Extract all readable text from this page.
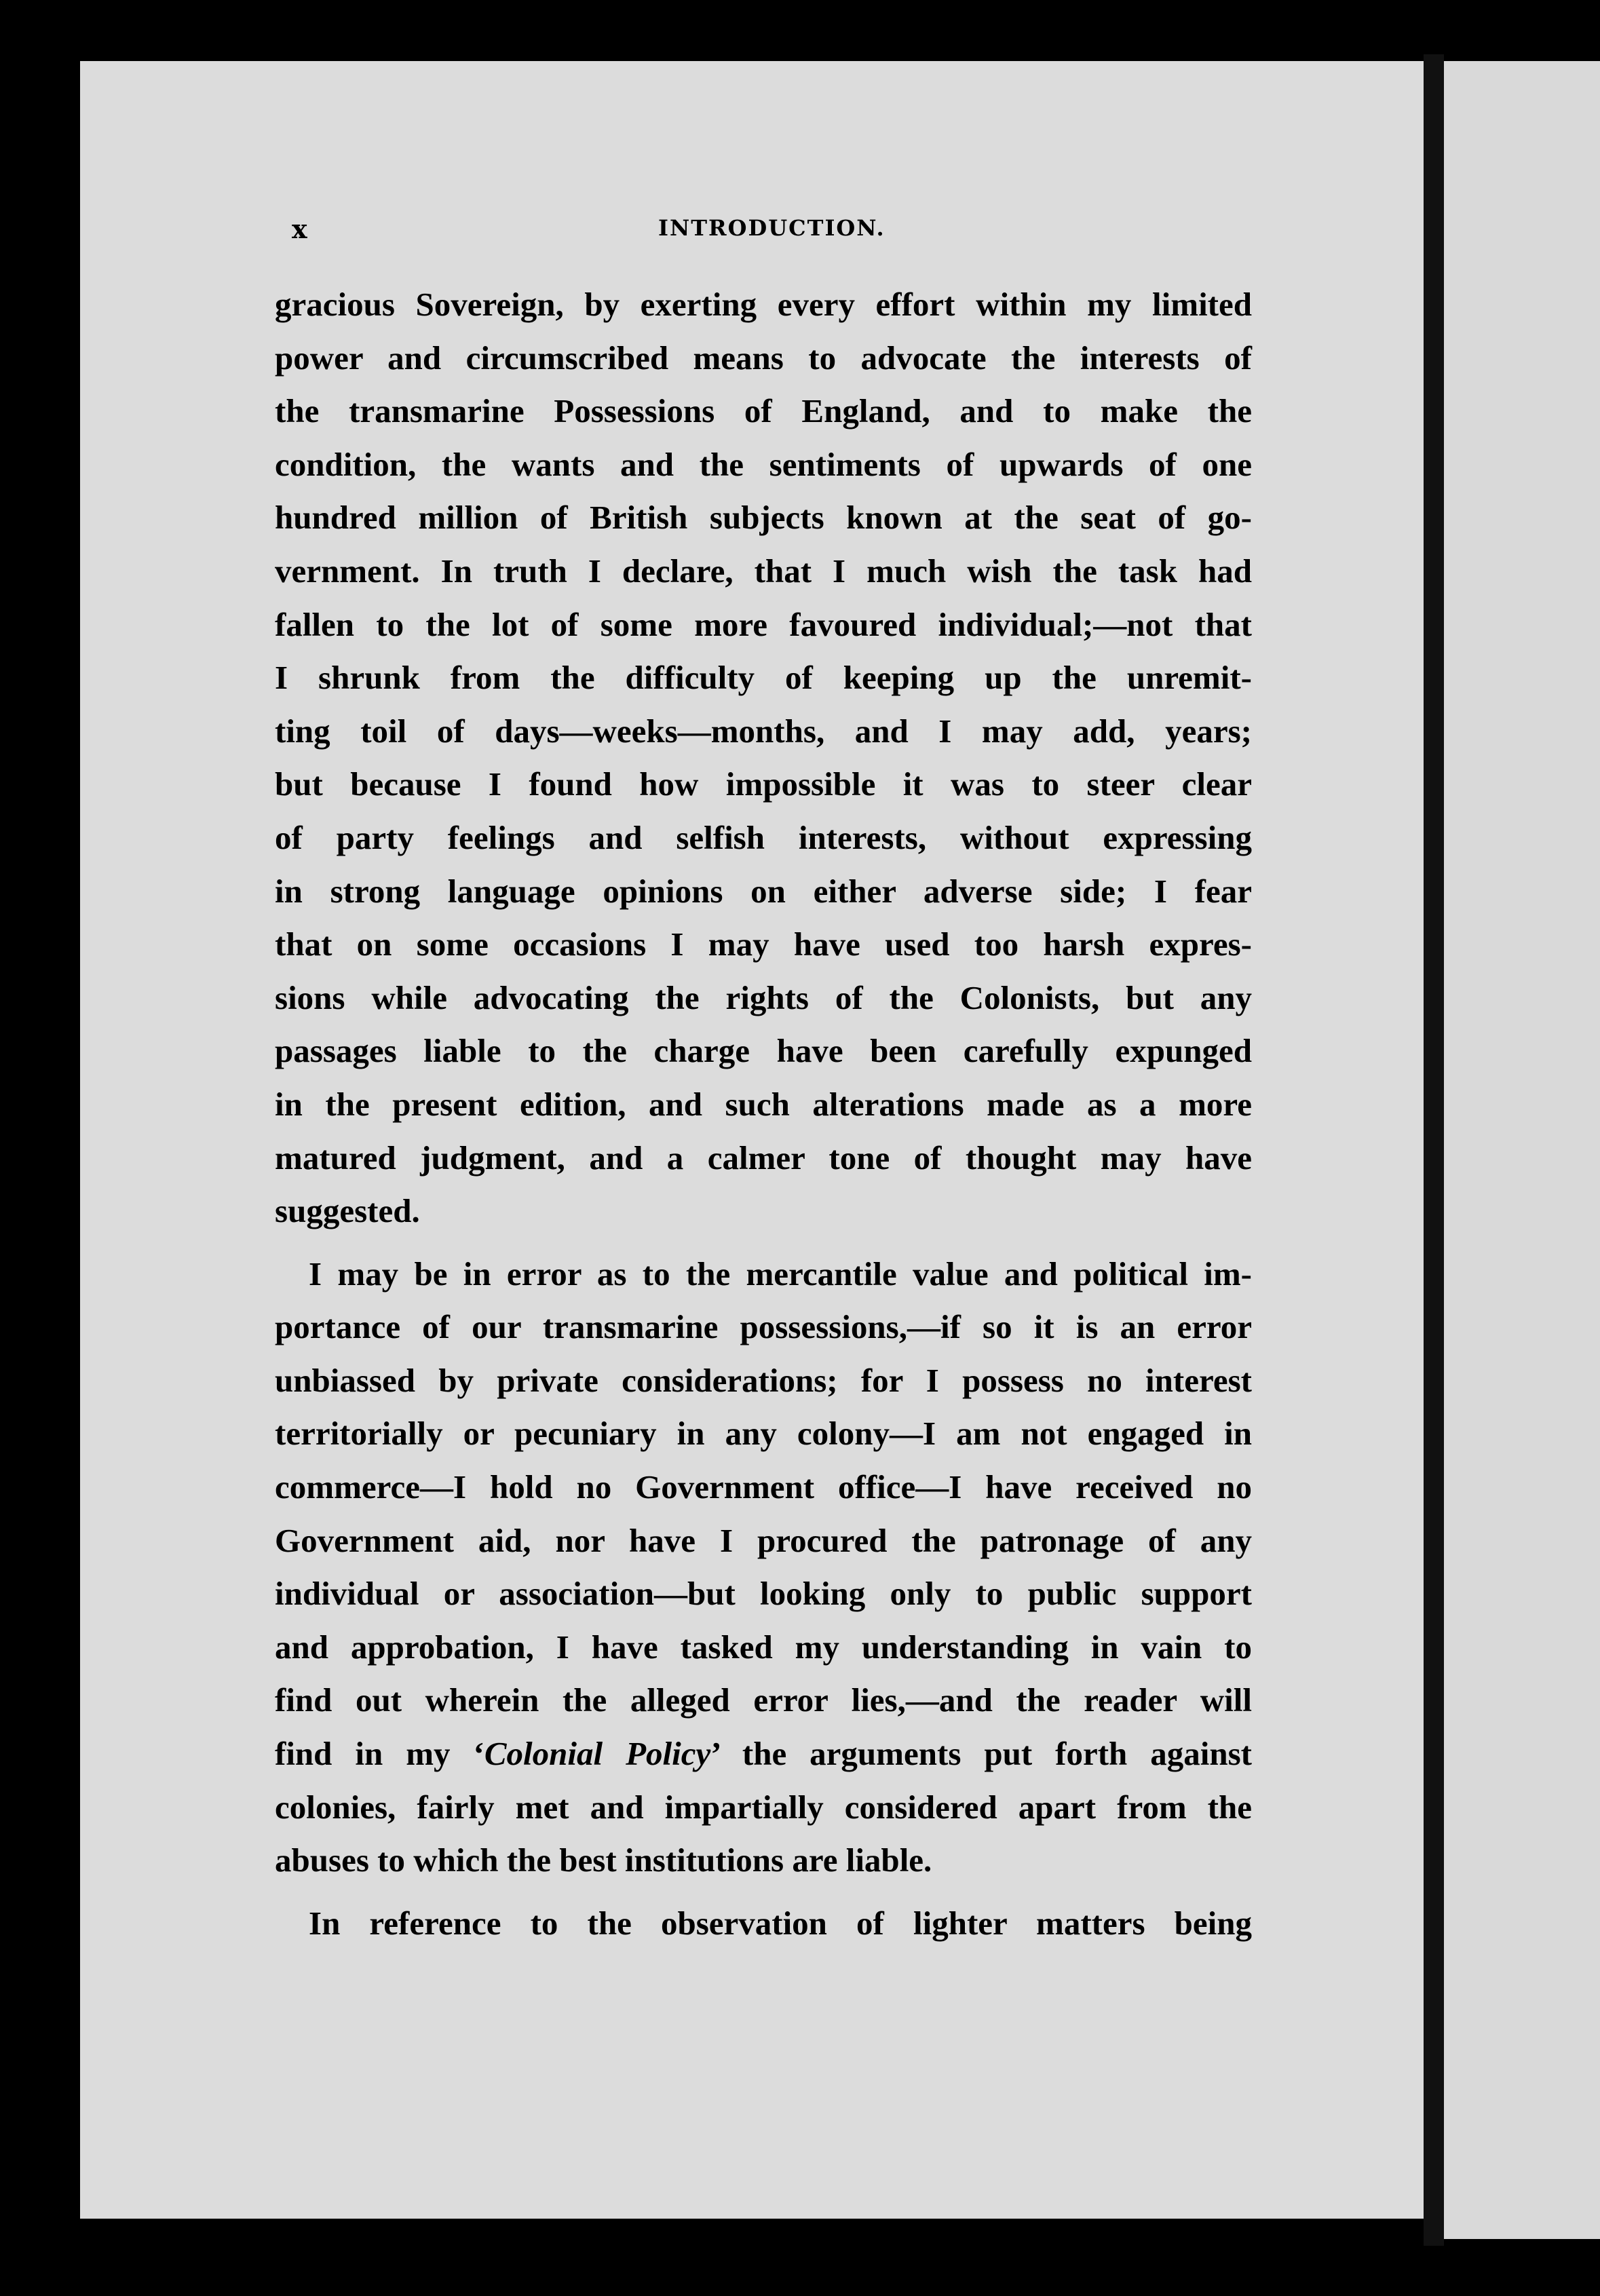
x	INTRODUCTION.
gracious Sovereign, by exerting every effort within my limited
power and circumscribed means to advocate the interests of
the transmarine Possessions of England, and to make the
condition, the wants and the sentiments of upwards of one
hundred million of British subjects known at the seat of go-
vernment. In truth I declare, that I much wish the task had
fallen to the lot of some more favoured individual;—not that
I shrunk from the difficulty of keeping up the unremit-
ting toil of days—weeks—months, and I may add, years;
but because I found how impossible it was to steer clear
of party feelings and selfish interests, without expressing
in strong language opinions on either adverse side; I fear
that on some occasions I may have used too harsh expres-
sions while advocating the rights of the Colonists, but any
passages liable to the charge have been carefully expunged
in the present edition, and such alterations made as a more
matured judgment, and a calmer tone of thought may have
suggested.
I may be in error as to the mercantile value and political im-
portance of our transmarine possessions,—if so it is an error
unbiassed by private considerations; for I possess no interest
territorially or pecuniary in any colony—I am not engaged in
commerce—I hold no Government office—I have received no
Government aid, nor have I procured the patronage of any
individual or association—but looking only to public support
and approbation, I have tasked my understanding in vain to
find out wherein the alleged error lies,—and the reader will
find in my ‘Colonial Policy’ the arguments put forth against
colonies, fairly met and impartially considered apart from the
abuses to which the best institutions are liable.
In reference to the observation of lighter matters being
